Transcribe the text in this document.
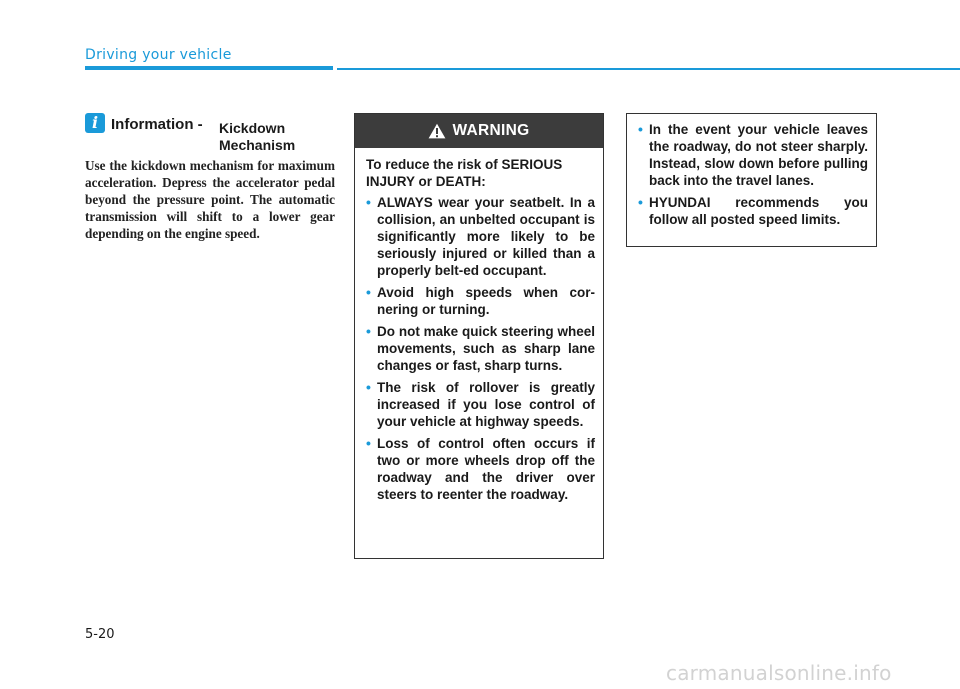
Driving your vehicle
i Information - Kickdown
Mechanism
Use the kickdown mechanism for maximum acceleration. Depress the accelerator pedal beyond the pressure point. The automatic transmission will shift to a lower gear depending on the engine speed.
WARNING

To reduce the risk of SERIOUS INJURY or DEATH:

• ALWAYS wear your seatbelt. In a collision, an unbelted occupant is significantly more likely to be seriously injured or killed than a properly belt-ed occupant.
• Avoid high speeds when cor-nering or turning.
• Do not make quick steering wheel movements, such as sharp lane changes or fast, sharp turns.
• The risk of rollover is greatly increased if you lose control of your vehicle at highway speeds.
• Loss of control often occurs if two or more wheels drop off the roadway and the driver over steers to reenter the roadway.
• In the event your vehicle leaves the roadway, do not steer sharply. Instead, slow down before pulling back into the travel lanes.
• HYUNDAI recommends you follow all posted speed limits.
5-20
carmanualsonline.info
